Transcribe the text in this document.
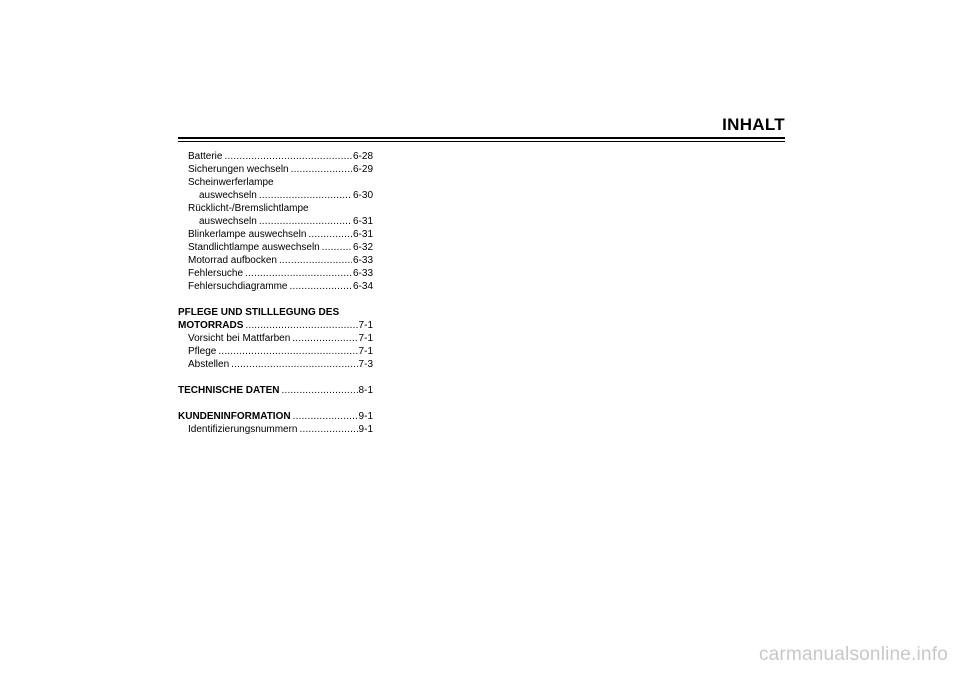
INHALT
Batterie .....	6-28
Sicherungen wechseln .....	6-29
Scheinwerferlampe
auswechseln .....	6-30
Rücklicht-/Bremslichtlampe
auswechseln .....	6-31
Blinkerlampe auswechseln .....	6-31
Standlichtlampe auswechseln .....	6-32
Motorrad aufbocken .....	6-33
Fehlersuche .....	6-33
Fehlersuchdiagramme .....	6-34
PFLEGE UND STILLLEGUNG DES
MOTORRADS .....	7-1
Vorsicht bei Mattfarben .....	7-1
Pflege .....	7-1
Abstellen .....	7-3
TECHNISCHE DATEN .....	8-1
KUNDENINFORMATION .....	9-1
Identifizierungsnummern .....	9-1
carmanualsonline.info
